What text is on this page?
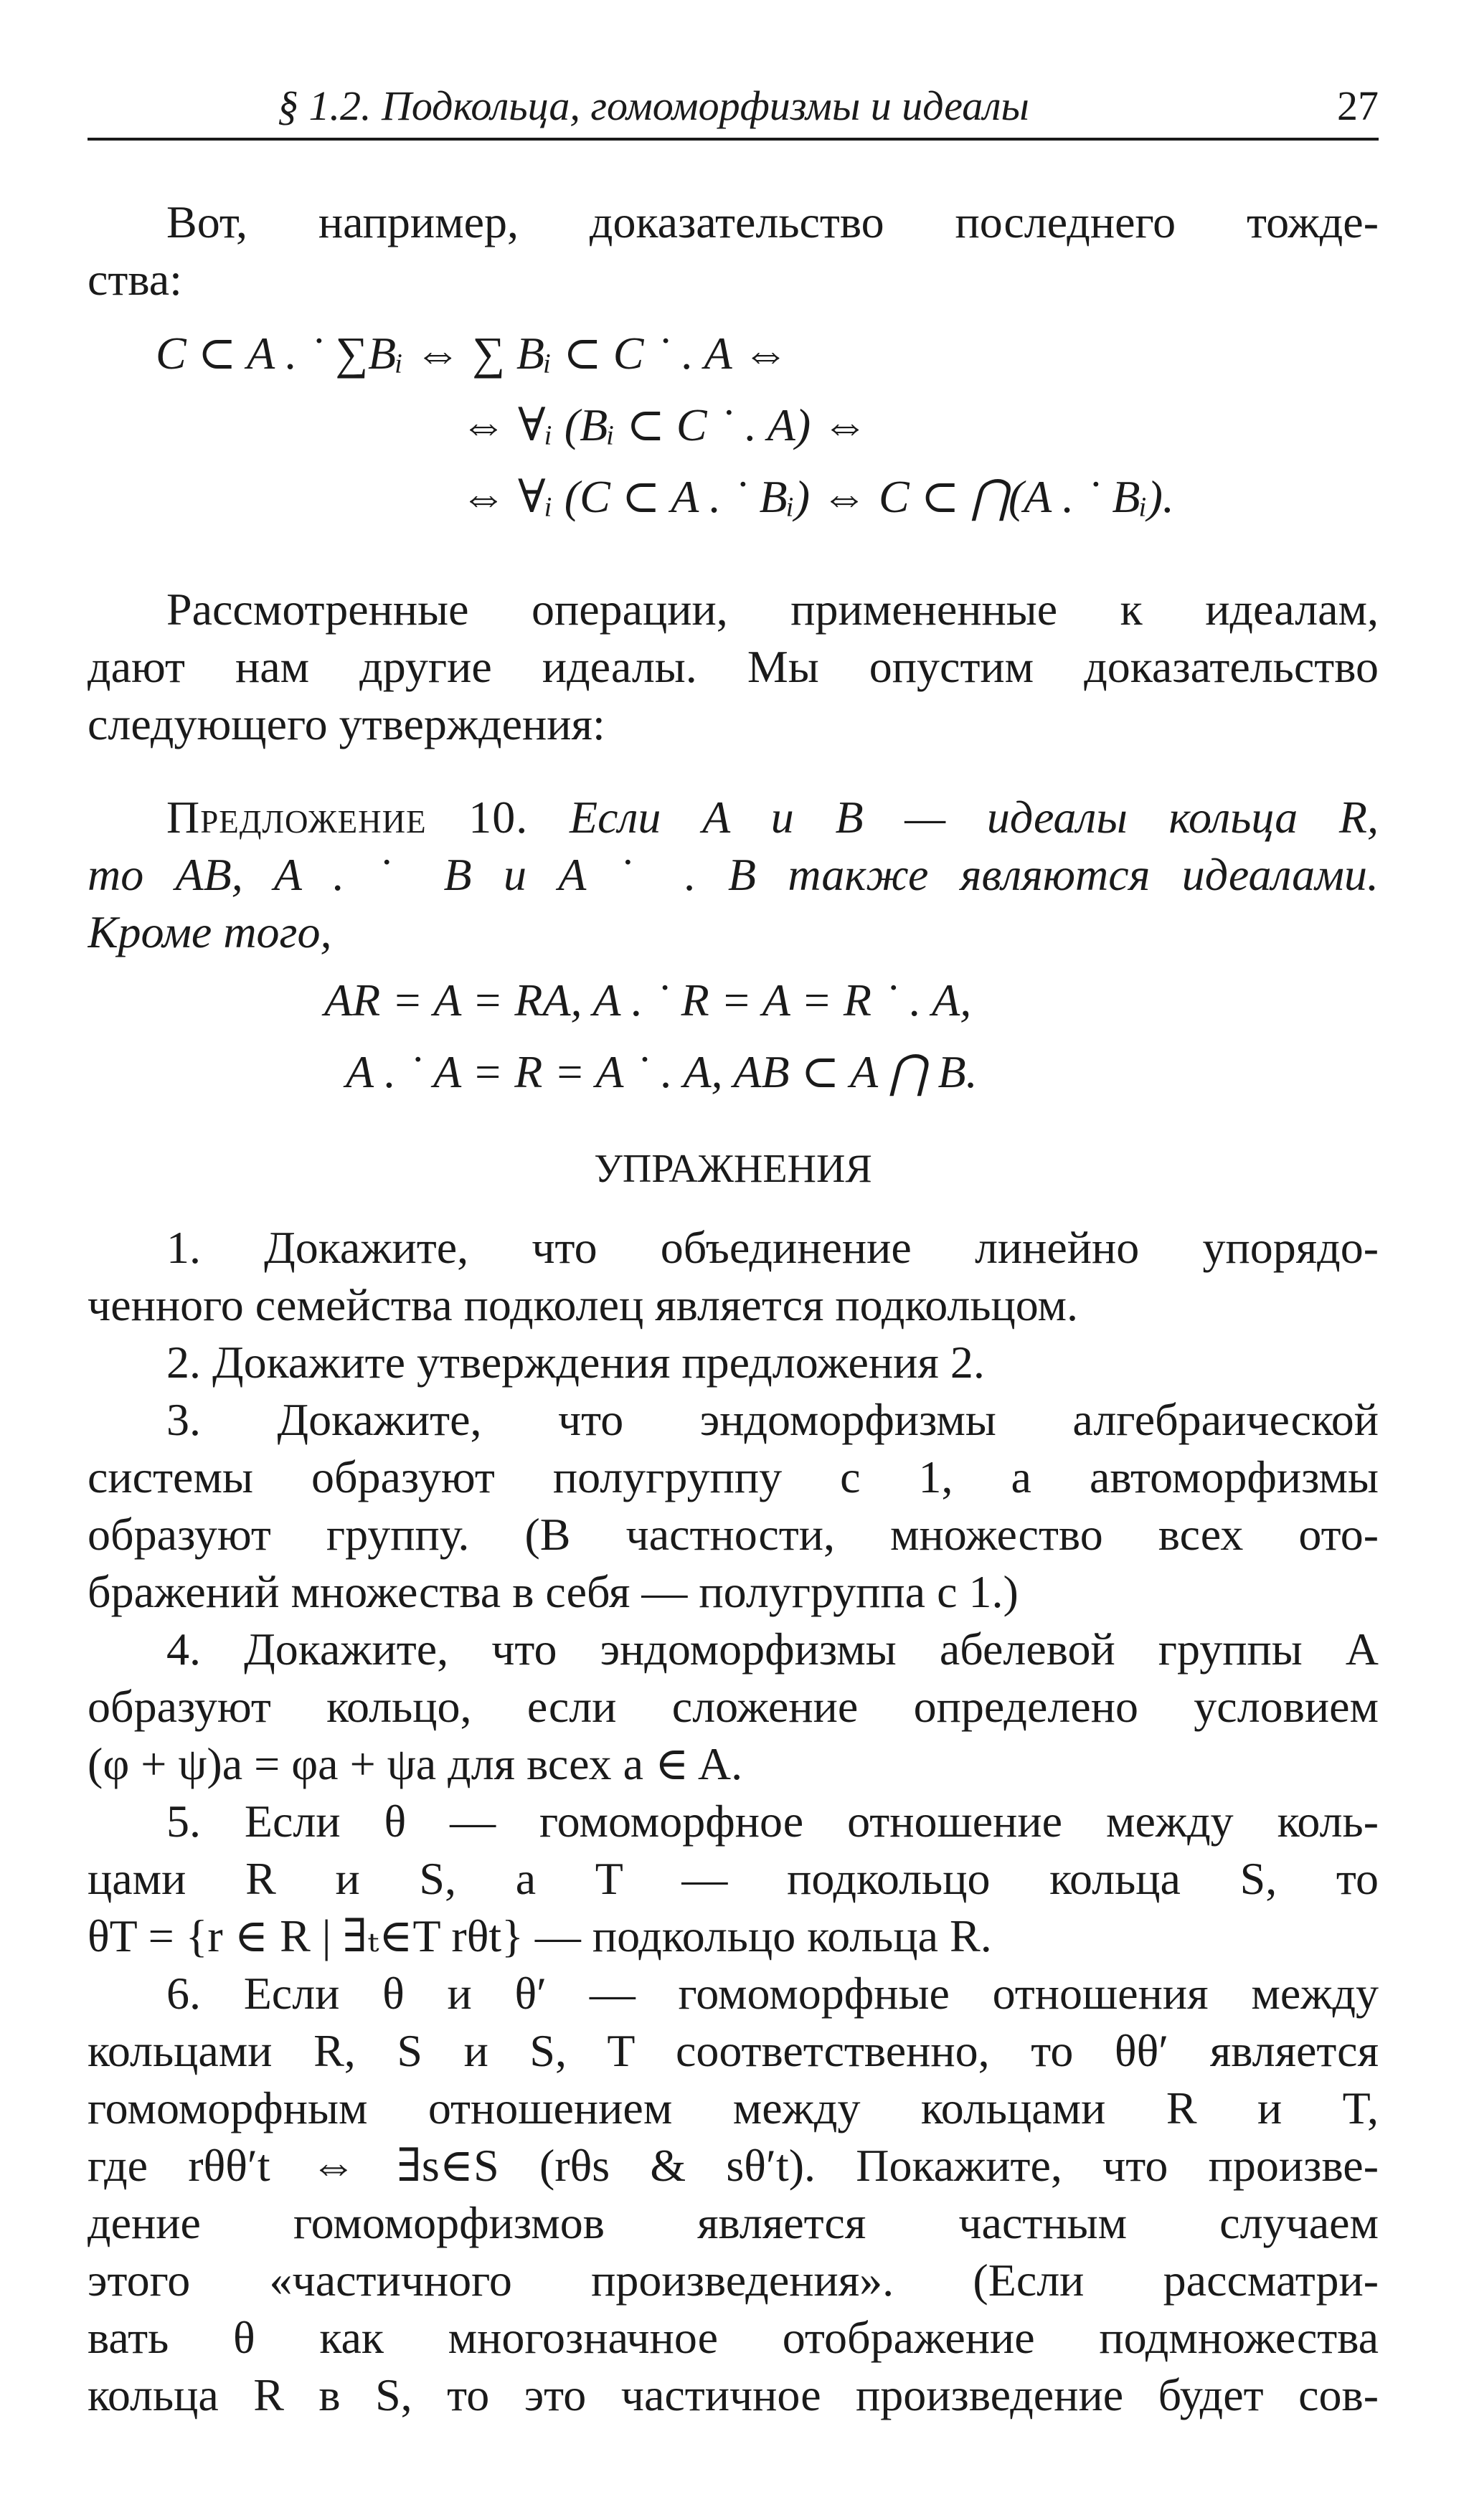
§ 1.2. Подкольца, гомоморфизмы и идеалы	27
Вот, например, доказательство последнего тожде-
ства:
C ⊂ A . ˙ ∑Bᵢ ⇔ ∑ Bᵢ ⊂ C ˙ . A ⇔
⇔ ∀ᵢ (Bᵢ ⊂ C ˙ . A) ⇔
⇔ ∀ᵢ (C ⊂ A . ˙ Bᵢ) ⇔ C ⊂ ⋂(A . ˙ Bᵢ).
Рассмотренные операции, примененные к идеалам,
дают нам другие идеалы. Мы опустим доказательство
следующего утверждения:
Предложение 10. Если A и B — идеалы кольца R,
то AB, A . ˙ B и A ˙ . B также являются идеалами.
Кроме того,
AR = A = RA, A . ˙ R = A = R ˙ . A,
A . ˙ A = R = A ˙ . A, AB ⊂ A ⋂ B.
УПРАЖНЕНИЯ
1. Докажите, что объединение линейно упорядо-
ченного семейства подколец является подкольцом.
2. Докажите утверждения предложения 2.
3. Докажите, что эндоморфизмы алгебраической
системы образуют полугруппу с 1, а автоморфизмы
образуют группу. (В частности, множество всех ото-
бражений множества в себя — полугруппа с 1.)
4. Докажите, что эндоморфизмы абелевой группы A
образуют кольцо, если сложение определено условием
(φ + ψ)a = φa + ψa для всех a ∈ A.
5. Если θ — гомоморфное отношение между коль-
цами R и S, а T — подкольцо кольца S, то
θT = {r ∈ R | ∃ₜ∈T rθt} — подкольцо кольца R.
6. Если θ и θ′ — гомоморфные отношения между
кольцами R, S и S, T соответственно, то θθ′ является
гомоморфным отношением между кольцами R и T,
где rθθ′t ⇔ ∃s∈S (rθs & sθ′t). Покажите, что произве-
дение гомоморфизмов является частным случаем
этого «частичного произведения». (Если рассматри-
вать θ как многозначное отображение подмножества
кольца R в S, то это частичное произведение будет сов-
